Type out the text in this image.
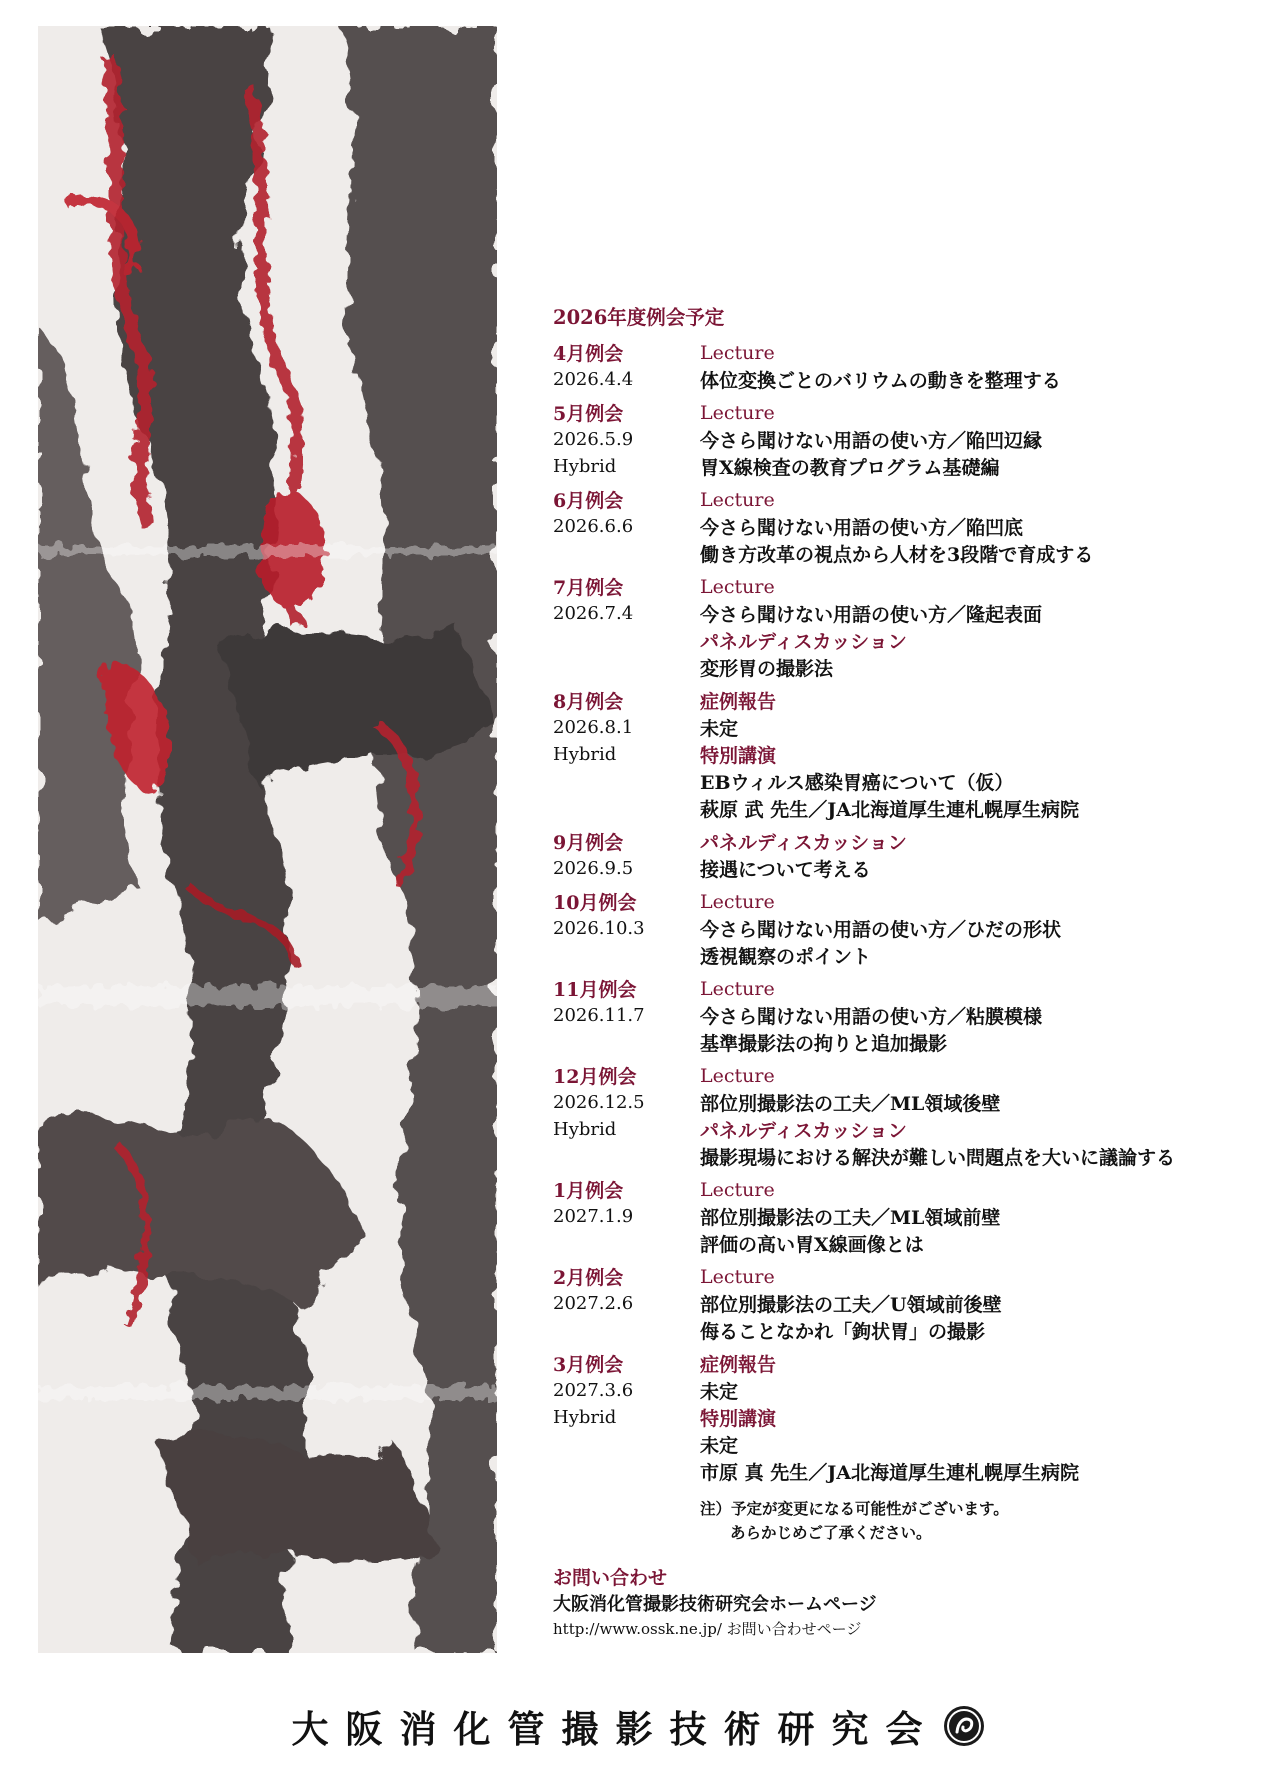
2026年度例会予定
4月例会	Lecture
2026.4.4	体位変換ごとのバリウムの動きを整理する
5月例会	Lecture
2026.5.9	今さら聞けない用語の使い方／陥凹辺縁
Hybrid	胃X線検査の教育プログラム基礎編
6月例会	Lecture
2026.6.6	今さら聞けない用語の使い方／陥凹底
働き方改革の視点から人材を3段階で育成する
7月例会	Lecture
2026.7.4	今さら聞けない用語の使い方／隆起表面
パネルディスカッション
変形胃の撮影法
8月例会	症例報告
2026.8.1	未定
Hybrid	特別講演
EBウィルス感染胃癌について（仮）
萩原 武 先生／JA北海道厚生連札幌厚生病院
9月例会	パネルディスカッション
2026.9.5	接遇について考える
10月例会	Lecture
2026.10.3	今さら聞けない用語の使い方／ひだの形状
透視観察のポイント
11月例会	Lecture
2026.11.7	今さら聞けない用語の使い方／粘膜模様
基準撮影法の拘りと追加撮影
12月例会	Lecture
2026.12.5	部位別撮影法の工夫／ML領域後壁
Hybrid	パネルディスカッション
撮影現場における解決が難しい問題点を大いに議論する
1月例会	Lecture
2027.1.9	部位別撮影法の工夫／ML領域前壁
評価の高い胃X線画像とは
2月例会	Lecture
2027.2.6	部位別撮影法の工夫／U領域前後壁
侮ることなかれ「鉤状胃」の撮影
3月例会	症例報告
2027.3.6	未定
Hybrid	特別講演
未定
市原 真 先生／JA北海道厚生連札幌厚生病院
注）予定が変更になる可能性がございます。
あらかじめご了承ください。
お問い合わせ
大阪消化管撮影技術研究会ホームページ
http://www.ossk.ne.jp/ お問い合わせページ
大阪消化管撮影技術研究会
